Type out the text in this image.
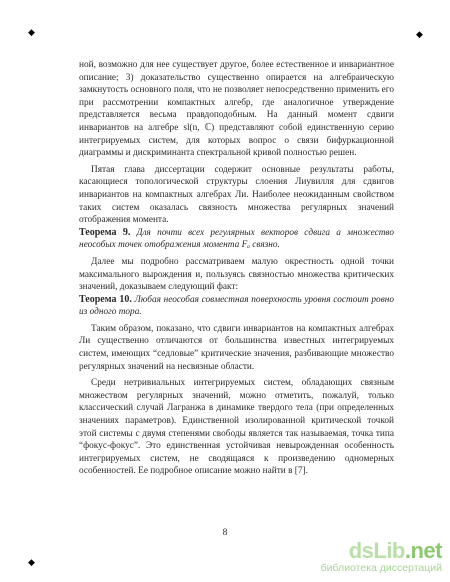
◆	◆
◆

ной, возможно для нее существует другое, более естественное и инвариантное описание; 3) доказательство существенно опирается на алгебраическую замкнутость основного поля, что не позволяет непосредственно применить его при рассмотрении компактных алгебр, где аналогичное утверждение представляется весьма правдоподобным. На данный момент сдвиги инвариантов на алгебре sl(n, ℂ) представляют собой единственную серию интегрируемых систем, для которых вопрос о связи бифуркационной диаграммы и дискриминанта спектральной кривой полностью решен.

Пятая глава диссертации содержит основные результаты работы, касающиеся топологической структуры слоения Лиувилля для сдвигов инвариантов на компактных алгебрах Ли. Наиболее неожиданным свойством таких систем оказалась связность множества регулярных значений отображения момента.

Теорема 9. Для почти всех регулярных векторов сдвига a множество неособых точек отображения момента Fₐ связно.

Далее мы подробно рассматриваем малую окрестность одной точки максимального вырождения и, пользуясь связностью множества критических значений, доказываем следующий факт:

Теорема 10. Любая неособая совместная поверхность уровня состоит ровно из одного тора.

Таким образом, показано, что сдвиги инвариантов на компактных алгебрах Ли существенно отличаются от большинства известных интегрируемых систем, имеющих “седловые” критические значения, разбивающие множество регулярных значений на несвязные области.

Среди нетривиальных интегрируемых систем, обладающих связным множеством регулярных значений, можно отметить, пожалуй, только классический случай Лагранжа в динамике твердого тела (при определенных значениях параметров). Единственной изолированной критической точкой этой системы с двумя степенями свободы является так называемая, точка типа “фокус-фокус”. Это единственная устойчивая невырожденная особенность интегрируемых систем, не сводящаяся к произведению одномерных особенностей. Ее подробное описание можно найти в [7].

8
dsLib.net
библиотека диссертаций
